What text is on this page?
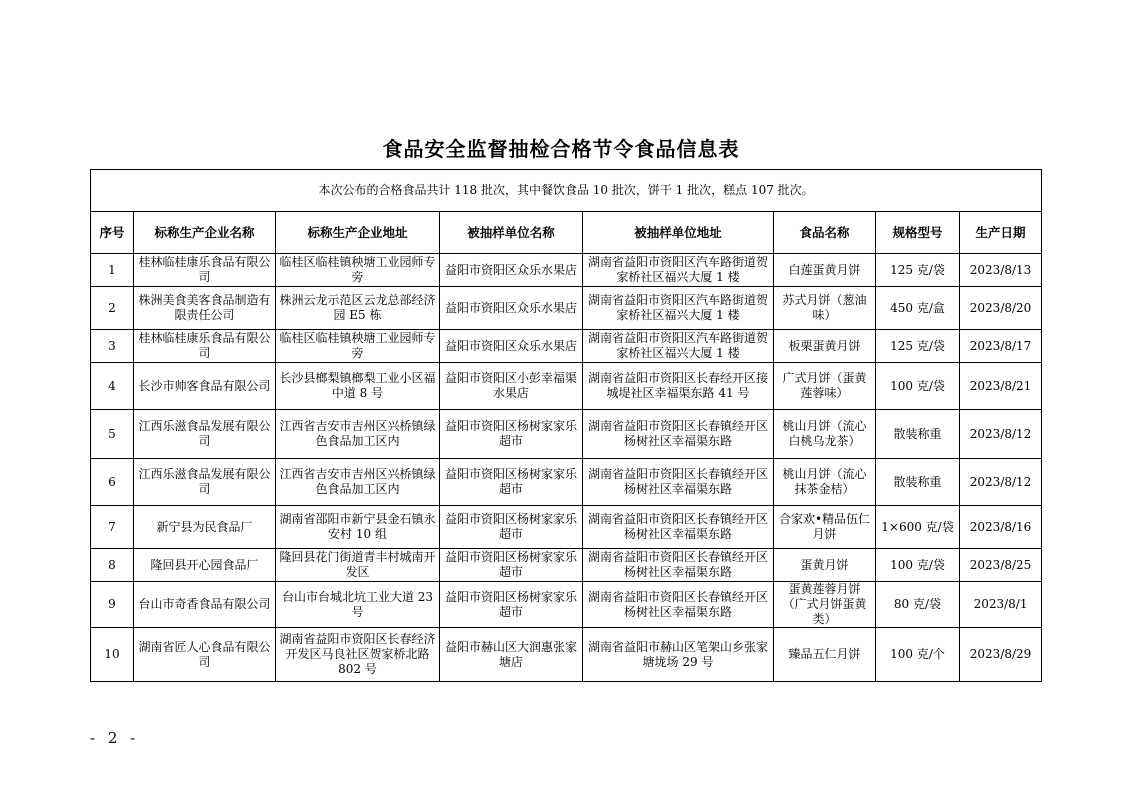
食品安全监督抽检合格节令食品信息表
本次公布的合格食品共计 118 批次，其中餐饮食品 10 批次，饼干 1 批次，糕点 107 批次。							
序号	标称生产企业名称	标称生产企业地址	被抽样单位名称	被抽样单位地址	食品名称	规格型号	生产日期
1	桂林临桂康乐食品有限公司	临桂区临桂镇秧塘工业园师专旁	益阳市资阳区众乐水果店	湖南省益阳市资阳区汽车路街道贺家桥社区福兴大厦 1 楼	白莲蛋黄月饼	125 克/袋	2023/8/13
2	株洲美食美客食品制造有限责任公司	株洲云龙示范区云龙总部经济园 E5 栋	益阳市资阳区众乐水果店	湖南省益阳市资阳区汽车路街道贺家桥社区福兴大厦 1 楼	苏式月饼（葱油味）	450 克/盒	2023/8/20
3	桂林临桂康乐食品有限公司	临桂区临桂镇秧塘工业园师专旁	益阳市资阳区众乐水果店	湖南省益阳市资阳区汽车路街道贺家桥社区福兴大厦 1 楼	板栗蛋黄月饼	125 克/袋	2023/8/17
4	长沙市帅客食品有限公司	长沙县榔梨镇榔梨工业小区福中道 8 号	益阳市资阳区小彭幸福渠水果店	湖南省益阳市资阳区长春经开区接城堤社区幸福渠东路 41 号	广式月饼（蛋黄莲蓉味）	100 克/袋	2023/8/21
5	江西乐滋食品发展有限公司	江西省吉安市吉州区兴桥镇绿色食品加工区内	益阳市资阳区杨树家家乐超市	湖南省益阳市资阳区长春镇经开区杨树社区幸福渠东路	桃山月饼（流心白桃乌龙茶）	散装称重	2023/8/12
6	江西乐滋食品发展有限公司	江西省吉安市吉州区兴桥镇绿色食品加工区内	益阳市资阳区杨树家家乐超市	湖南省益阳市资阳区长春镇经开区杨树社区幸福渠东路	桃山月饼（流心抹茶金桔）	散装称重	2023/8/12
7	新宁县为民食品厂	湖南省邵阳市新宁县金石镇永安村 10 组	益阳市资阳区杨树家家乐超市	湖南省益阳市资阳区长春镇经开区杨树社区幸福渠东路	合家欢•精品伍仁月饼	1×600 克/袋	2023/8/16
8	隆回县开心园食品厂	隆回县花门街道青丰村城南开发区	益阳市资阳区杨树家家乐超市	湖南省益阳市资阳区长春镇经开区杨树社区幸福渠东路	蛋黄月饼	100 克/袋	2023/8/25
9	台山市奇香食品有限公司	台山市台城北坑工业大道 23 号	益阳市资阳区杨树家家乐超市	湖南省益阳市资阳区长春镇经开区杨树社区幸福渠东路	蛋黄莲蓉月饼（广式月饼蛋黄类）	80 克/袋	2023/8/1
10	湖南省匠人心食品有限公司	湖南省益阳市资阳区长春经济开发区马良社区贺家桥北路 802 号	益阳市赫山区大润惠张家塘店	湖南省益阳市赫山区笔架山乡张家塘垅场 29 号	臻品五仁月饼	100 克/个	2023/8/29
- 2 -
